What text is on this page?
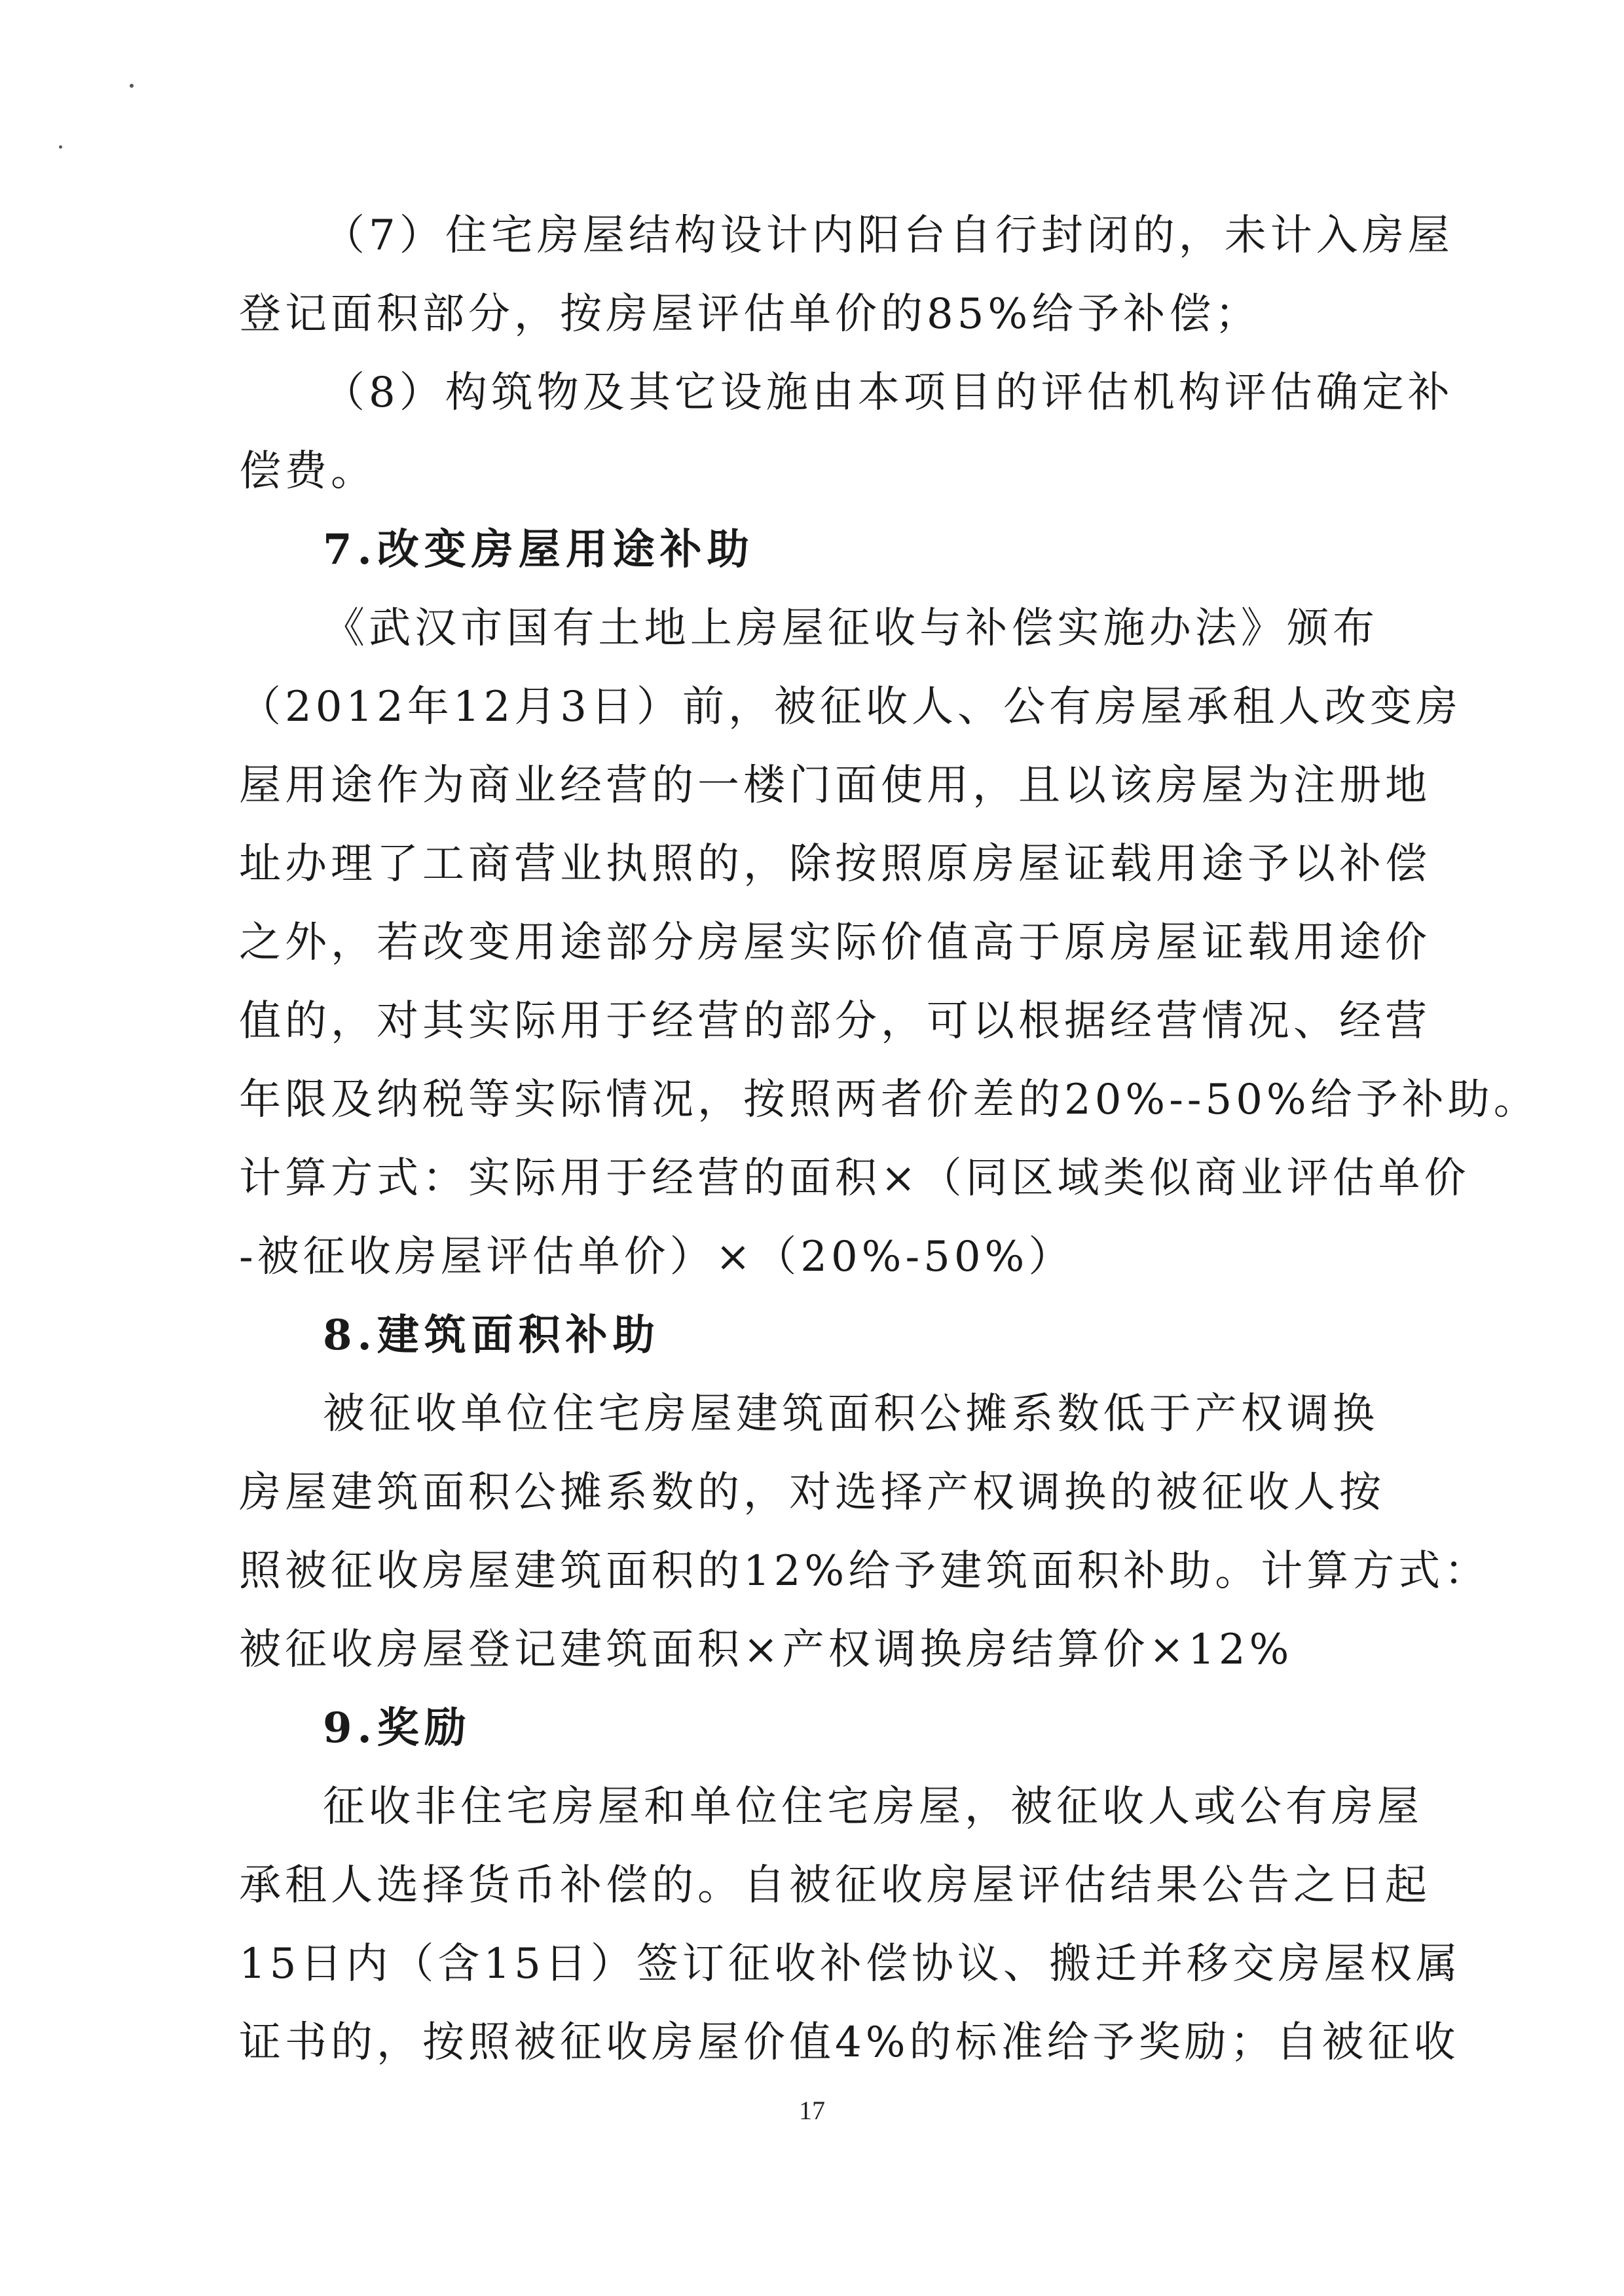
（7）住宅房屋结构设计内阳台自行封闭的，未计入房屋
登记面积部分，按房屋评估单价的85%给予补偿；
（8）构筑物及其它设施由本项目的评估机构评估确定补
偿费。
7.改变房屋用途补助
《武汉市国有土地上房屋征收与补偿实施办法》颁布
（2012年12月3日）前，被征收人、公有房屋承租人改变房
屋用途作为商业经营的一楼门面使用，且以该房屋为注册地
址办理了工商营业执照的，除按照原房屋证载用途予以补偿
之外，若改变用途部分房屋实际价值高于原房屋证载用途价
值的，对其实际用于经营的部分，可以根据经营情况、经营
年限及纳税等实际情况，按照两者价差的20%--50%给予补助。
计算方式：实际用于经营的面积×（同区域类似商业评估单价
-被征收房屋评估单价）×（20%-50%）
8.建筑面积补助
被征收单位住宅房屋建筑面积公摊系数低于产权调换
房屋建筑面积公摊系数的，对选择产权调换的被征收人按
照被征收房屋建筑面积的12%给予建筑面积补助。计算方式：
被征收房屋登记建筑面积×产权调换房结算价×12%
9.奖励
征收非住宅房屋和单位住宅房屋，被征收人或公有房屋
承租人选择货币补偿的。自被征收房屋评估结果公告之日起
15日内（含15日）签订征收补偿协议、搬迁并移交房屋权属
证书的，按照被征收房屋价值4%的标准给予奖励；自被征收
17
